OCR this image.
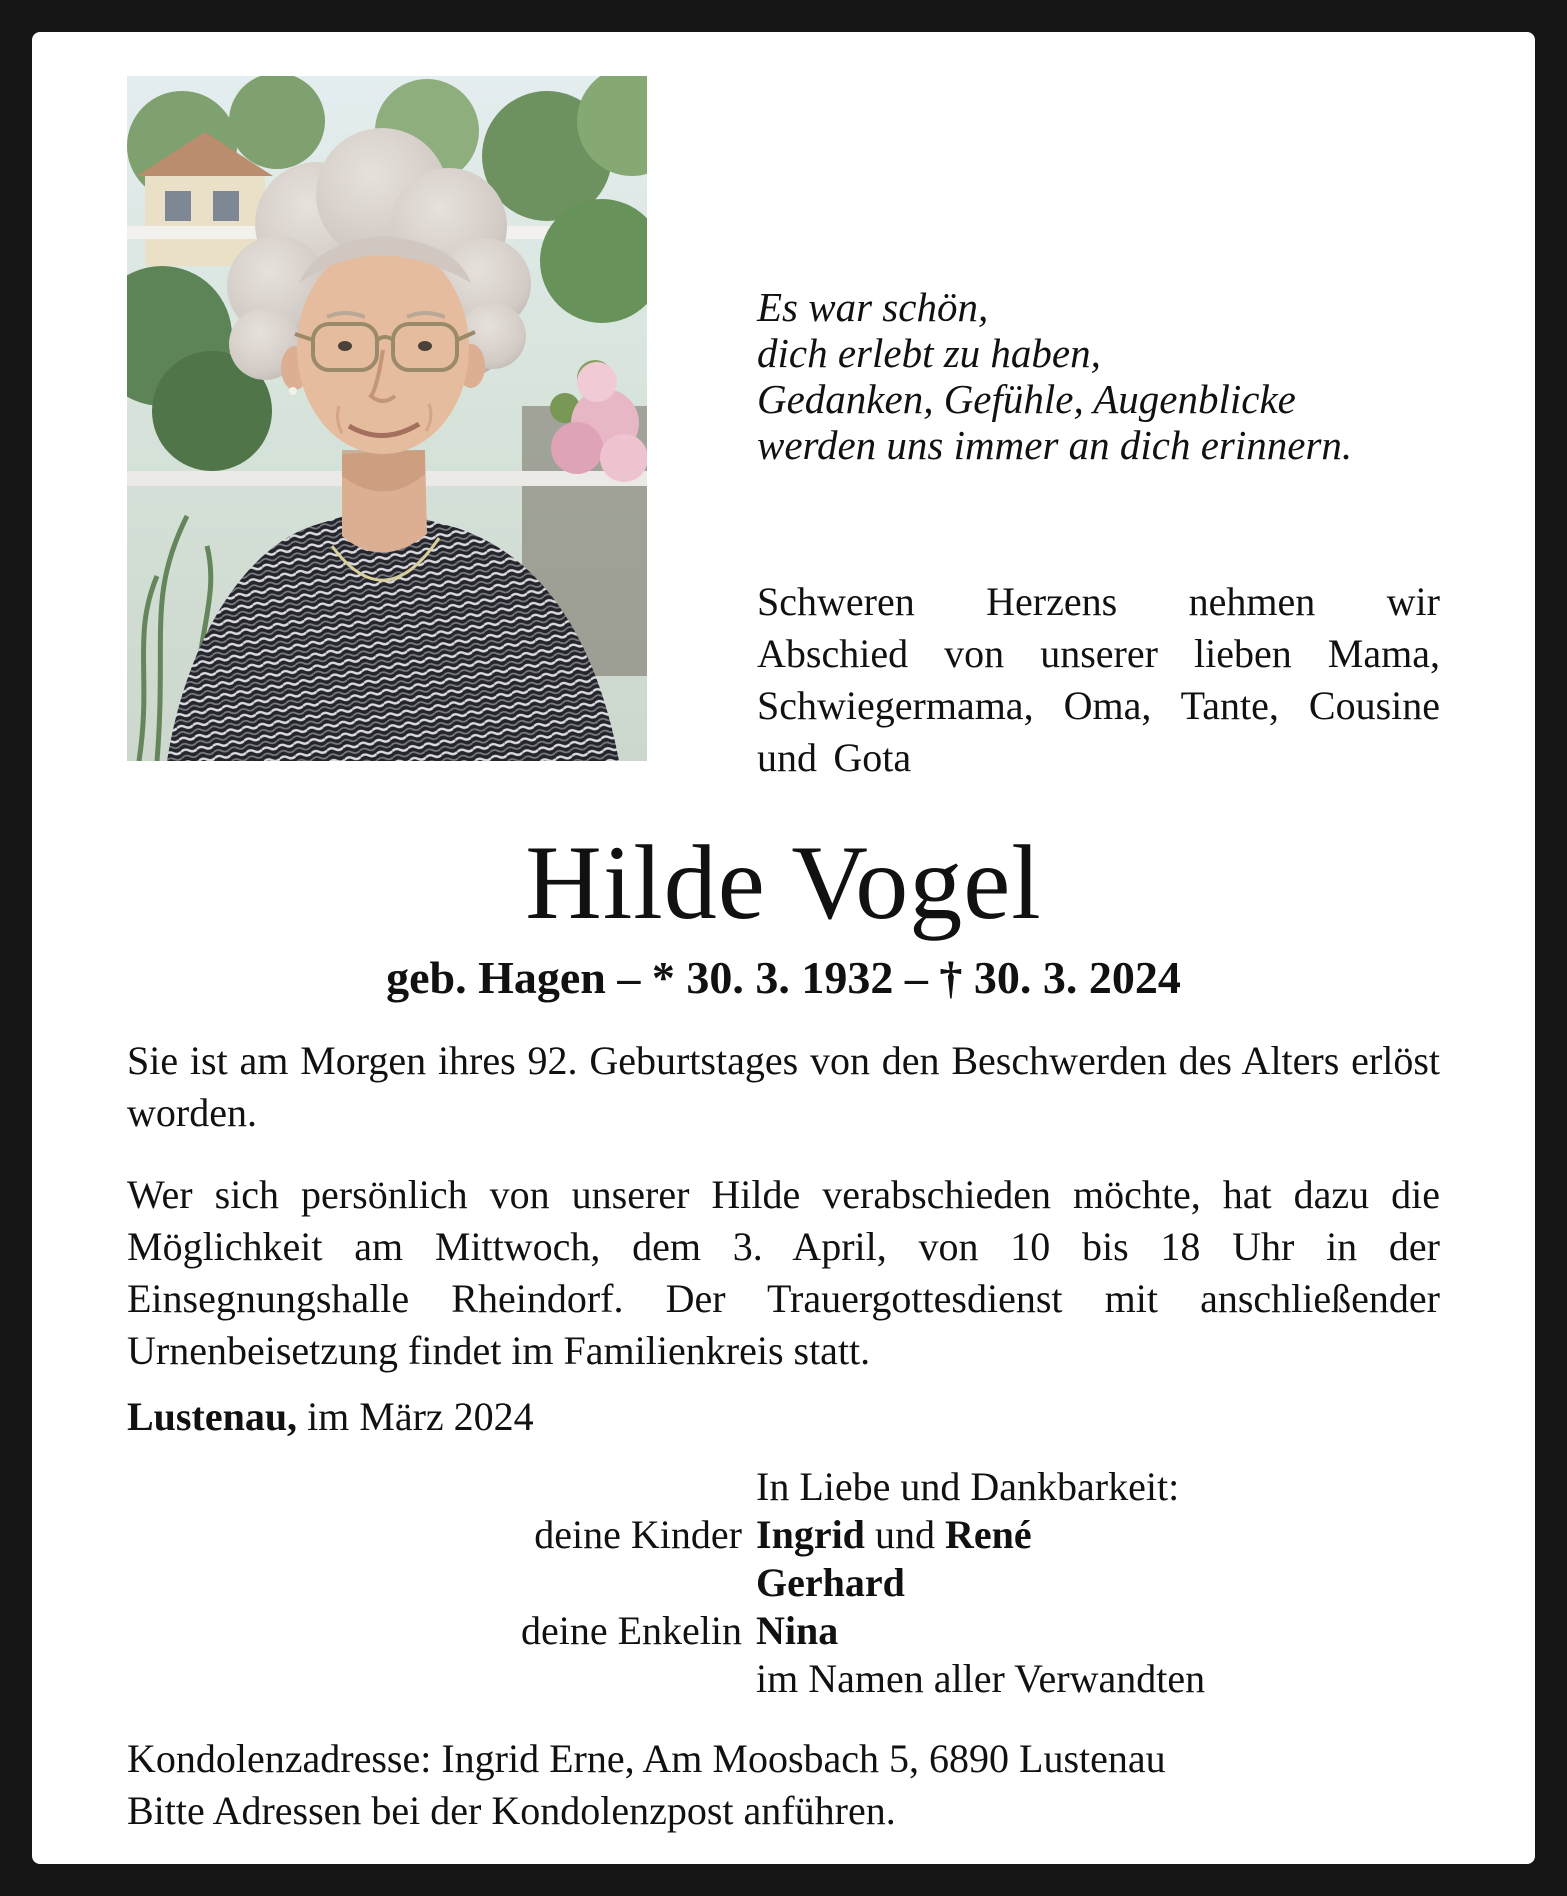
Es war schön,
dich erlebt zu haben,
Gedanken, Gefühle, Augenblicke
werden uns immer an dich erinnern.
Schweren Herzens nehmen wir Abschied von unserer lieben Mama, Schwiegermama, Oma, Tante, Cousine und Gota
Hilde Vogel
geb. Hagen – * 30. 3. 1932 – † 30. 3. 2024
Sie ist am Morgen ihres 92. Geburtstages von den Beschwerden des Alters erlöst worden.
Wer sich persönlich von unserer Hilde verabschieden möchte, hat dazu die Möglichkeit am Mittwoch, dem 3. April, von 10 bis 18 Uhr in der Einsegnungshalle Rheindorf. Der Trauergottesdienst mit anschließender Urnenbeisetzung findet im Familienkreis statt.
Lustenau, im März 2024
In Liebe und Dankbarkeit:
deine Kinder Ingrid und René
Gerhard
deine Enkelin Nina
im Namen aller Verwandten
Kondolenzadresse: Ingrid Erne, Am Moosbach 5, 6890 Lustenau
Bitte Adressen bei der Kondolenzpost anführen.
